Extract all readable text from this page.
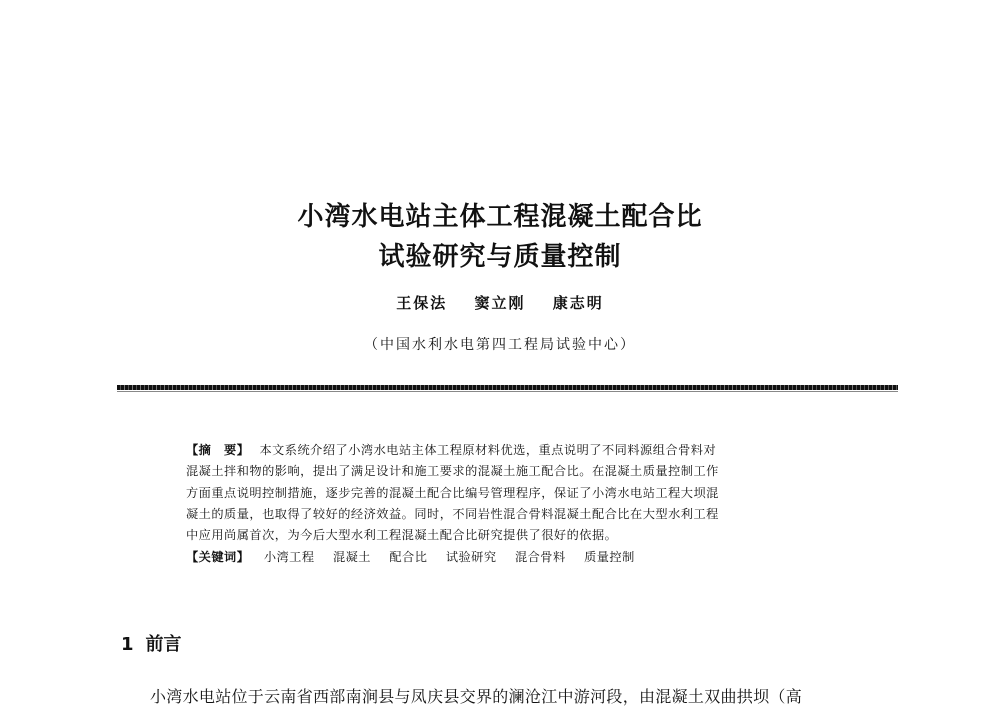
小湾水电站主体工程混凝土配合比
试验研究与质量控制
王保法 窦立刚 康志明
（中国水利水电第四工程局试验中心）
【摘　要】 本文系统介绍了小湾水电站主体工程原材料优选，重点说明了不同料源组合骨料对
混凝土拌和物的影响，提出了满足设计和施工要求的混凝土施工配合比。在混凝土质量控制工作
方面重点说明控制措施，逐步完善的混凝土配合比编号管理程序，保证了小湾水电站工程大坝混
凝土的质量，也取得了较好的经济效益。同时，不同岩性混合骨料混凝土配合比在大型水利工程
中应用尚属首次，为今后大型水利工程混凝土配合比研究提供了很好的依据。
【关键词】 小湾工程 混凝土 配合比 试验研究 混合骨料 质量控制
1 前言
小湾水电站位于云南省西部南涧县与凤庆县交界的澜沧江中游河段，由混凝土双曲拱坝（高
